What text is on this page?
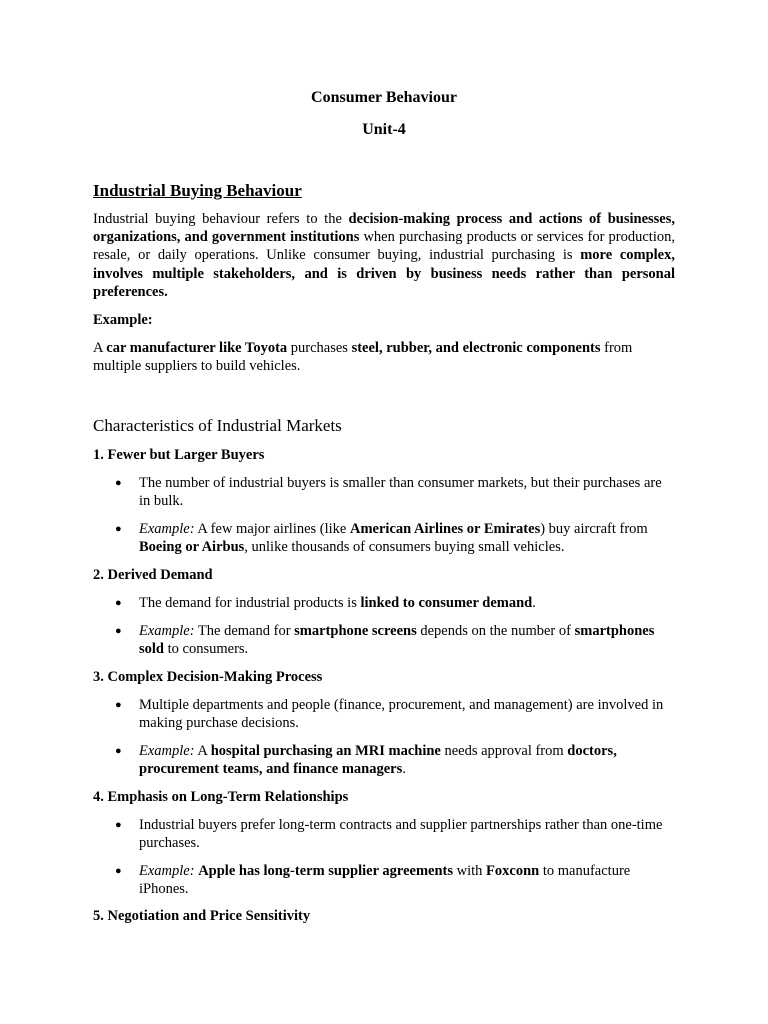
Consumer Behaviour
Unit-4
Industrial Buying Behaviour
Industrial buying behaviour refers to the decision-making process and actions of businesses, organizations, and government institutions when purchasing products or services for production, resale, or daily operations. Unlike consumer buying, industrial purchasing is more complex, involves multiple stakeholders, and is driven by business needs rather than personal preferences.
Example:
A car manufacturer like Toyota purchases steel, rubber, and electronic components from multiple suppliers to build vehicles.
Characteristics of Industrial Markets
1. Fewer but Larger Buyers
● The number of industrial buyers is smaller than consumer markets, but their purchases are in bulk.
● Example: A few major airlines (like American Airlines or Emirates) buy aircraft from Boeing or Airbus, unlike thousands of consumers buying small vehicles.
2. Derived Demand
● The demand for industrial products is linked to consumer demand.
● Example: The demand for smartphone screens depends on the number of smartphones sold to consumers.
3. Complex Decision-Making Process
● Multiple departments and people (finance, procurement, and management) are involved in making purchase decisions.
● Example: A hospital purchasing an MRI machine needs approval from doctors, procurement teams, and finance managers.
4. Emphasis on Long-Term Relationships
● Industrial buyers prefer long-term contracts and supplier partnerships rather than one-time purchases.
● Example: Apple has long-term supplier agreements with Foxconn to manufacture iPhones.
5. Negotiation and Price Sensitivity
